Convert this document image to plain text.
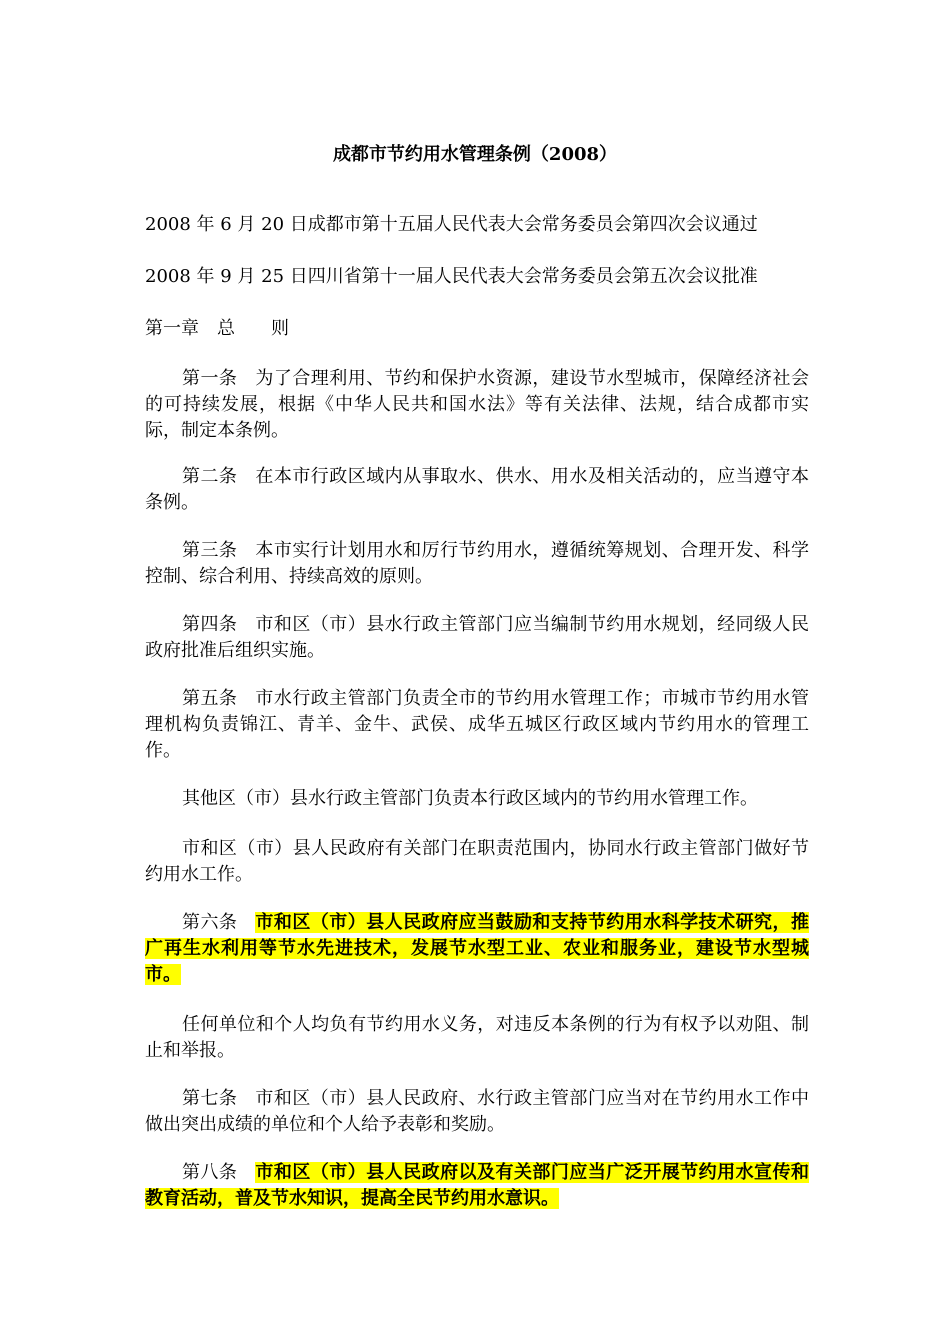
成都市节约用水管理条例（2008）
2008 年 6 月 20 日成都市第十五届人民代表大会常务委员会第四次会议通过
2008 年 9 月 25 日四川省第十一届人民代表大会常务委员会第五次会议批准
第一章 总 则
第一条 为了合理利用、节约和保护水资源，建设节水型城市，保障经济社会的可持续发展，根据《中华人民共和国水法》等有关法律、法规，结合成都市实际，制定本条例。
第二条 在本市行政区域内从事取水、供水、用水及相关活动的，应当遵守本条例。
第三条 本市实行计划用水和厉行节约用水，遵循统筹规划、合理开发、科学控制、综合利用、持续高效的原则。
第四条 市和区（市）县水行政主管部门应当编制节约用水规划，经同级人民政府批准后组织实施。
第五条 市水行政主管部门负责全市的节约用水管理工作；市城市节约用水管理机构负责锦江、青羊、金牛、武侯、成华五城区行政区域内节约用水的管理工作。
其他区（市）县水行政主管部门负责本行政区域内的节约用水管理工作。
市和区（市）县人民政府有关部门在职责范围内，协同水行政主管部门做好节约用水工作。
第六条 市和区（市）县人民政府应当鼓励和支持节约用水科学技术研究，推广再生水利用等节水先进技术，发展节水型工业、农业和服务业，建设节水型城市。
任何单位和个人均负有节约用水义务，对违反本条例的行为有权予以劝阻、制止和举报。
第七条 市和区（市）县人民政府、水行政主管部门应当对在节约用水工作中做出突出成绩的单位和个人给予表彰和奖励。
第八条 市和区（市）县人民政府以及有关部门应当广泛开展节约用水宣传和教育活动，普及节水知识，提高全民节约用水意识。
